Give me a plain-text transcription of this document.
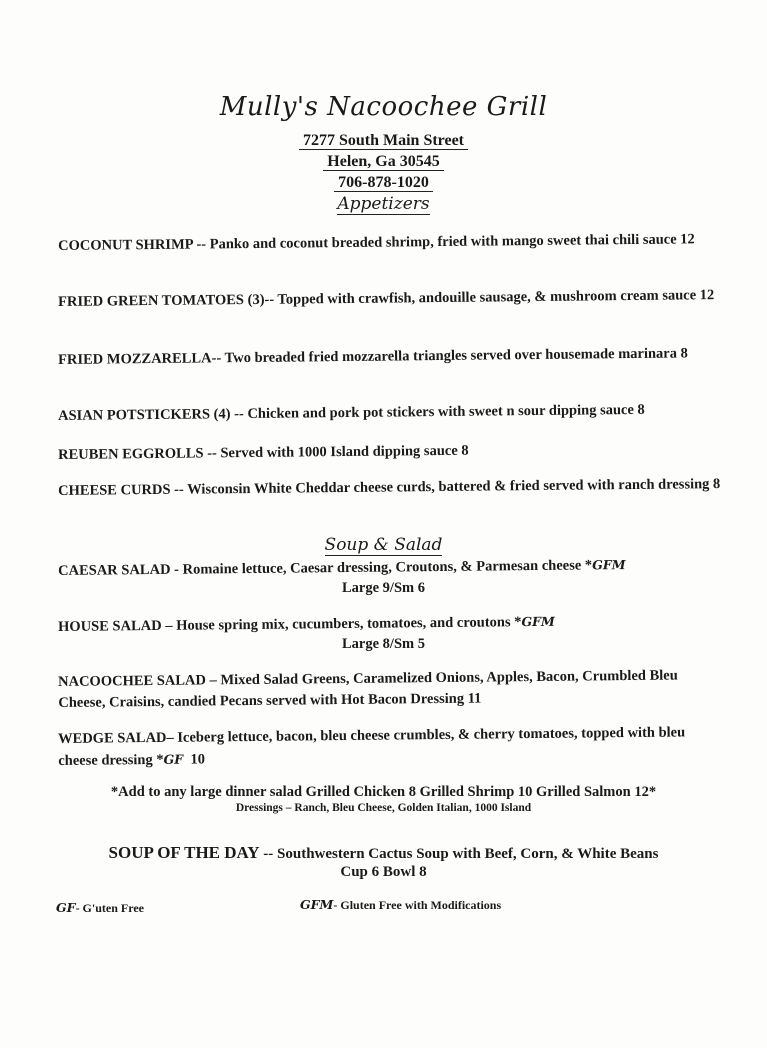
Mully's Nacoochee Grill
7277 South Main Street
Helen, Ga 30545
706-878-1020
Appetizers
COCONUT SHRIMP -- Panko and coconut breaded shrimp, fried with mango sweet thai chili sauce 12
FRIED GREEN TOMATOES (3)-- Topped with crawfish, andouille sausage, & mushroom cream sauce 12
FRIED MOZZARELLA-- Two breaded fried mozzarella triangles served over housemade marinara 8
ASIAN POTSTICKERS (4) -- Chicken and pork pot stickers with sweet n sour dipping sauce 8
REUBEN EGGROLLS -- Served with 1000 Island dipping sauce 8
CHEESE CURDS -- Wisconsin White Cheddar cheese curds, battered & fried served with ranch dressing 8
Soup & Salad
CAESAR SALAD - Romaine lettuce, Caesar dressing, Croutons, & Parmesan cheese *GFM
Large 9/Sm 6
HOUSE SALAD – House spring mix, cucumbers, tomatoes, and croutons *GFM
Large 8/Sm 5
NACOOCHEE SALAD – Mixed Salad Greens, Caramelized Onions, Apples, Bacon, Crumbled Bleu Cheese, Craisins, candied Pecans served with Hot Bacon Dressing 11
WEDGE SALAD– Iceberg lettuce, bacon, bleu cheese crumbles, & cherry tomatoes, topped with bleu cheese dressing *GF 10
*Add to any large dinner salad Grilled Chicken 8 Grilled Shrimp 10 Grilled Salmon 12*
Dressings – Ranch, Bleu Cheese, Golden Italian, 1000 Island
SOUP OF THE DAY -- Southwestern Cactus Soup with Beef, Corn, & White Beans
Cup 6 Bowl 8
GF- G'uten Free	GFM- Gluten Free with Modifications
